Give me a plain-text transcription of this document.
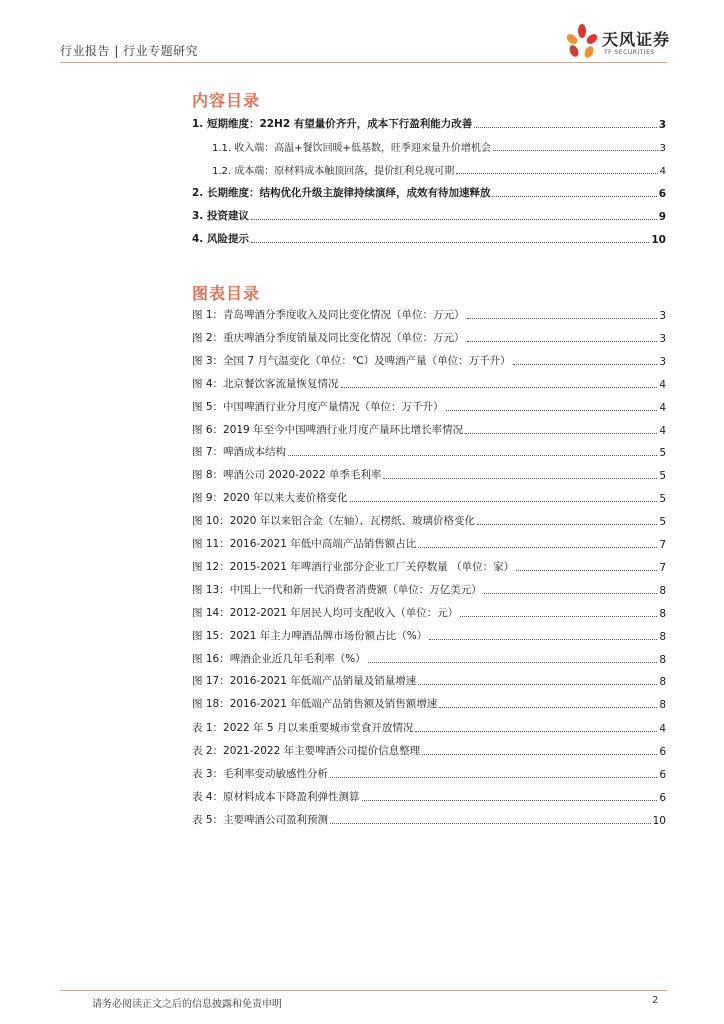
行业报告 | 行业专题研究
天风证券
TF SECURITIES
内容目录
1. 短期维度：22H2 有望量价齐升，成本下行盈利能力改善	3
1.1. 收入端：高温+餐饮回暖+低基数，旺季迎来量升价增机会	3
1.2. 成本端：原材料成本触顶回落，提价红利兑现可期	4
2. 长期维度：结构优化升级主旋律持续演绎，成效有待加速释放	6
3. 投资建议	9
4. 风险提示	10
图表目录
图 1：青岛啤酒分季度收入及同比变化情况（单位：万元）	3
图 2：重庆啤酒分季度销量及同比变化情况（单位：万元）	3
图 3：全国 7 月气温变化（单位：℃）及啤酒产量（单位：万千升）	3
图 4：北京餐饮客流量恢复情况	4
图 5：中国啤酒行业分月度产量情况（单位：万千升）	4
图 6：2019 年至今中国啤酒行业月度产量环比增长率情况	4
图 7：啤酒成本结构	5
图 8：啤酒公司 2020-2022 单季毛利率	5
图 9：2020 年以来大麦价格变化	5
图 10：2020 年以来铝合金（左轴）、瓦楞纸、玻璃价格变化	5
图 11：2016-2021 年低中高端产品销售额占比	7
图 12：2015-2021 年啤酒行业部分企业工厂关停数量 （单位：家）	7
图 13：中国上一代和新一代消费者消费额（单位：万亿美元）	8
图 14：2012-2021 年居民人均可支配收入（单位：元）	8
图 15：2021 年主力啤酒品牌市场份额占比（%）	8
图 16：啤酒企业近几年毛利率（%）	8
图 17：2016-2021 年低端产品销量及销量增速	8
图 18：2016-2021 年低端产品销售额及销售额增速	8
表 1：2022 年 5 月以来重要城市堂食开放情况	4
表 2：2021-2022 年主要啤酒公司提价信息整理	6
表 3：毛利率变动敏感性分析	6
表 4：原材料成本下降盈利弹性测算	6
表 5：主要啤酒公司盈利预测	10
请务必阅读正文之后的信息披露和免责申明	2
